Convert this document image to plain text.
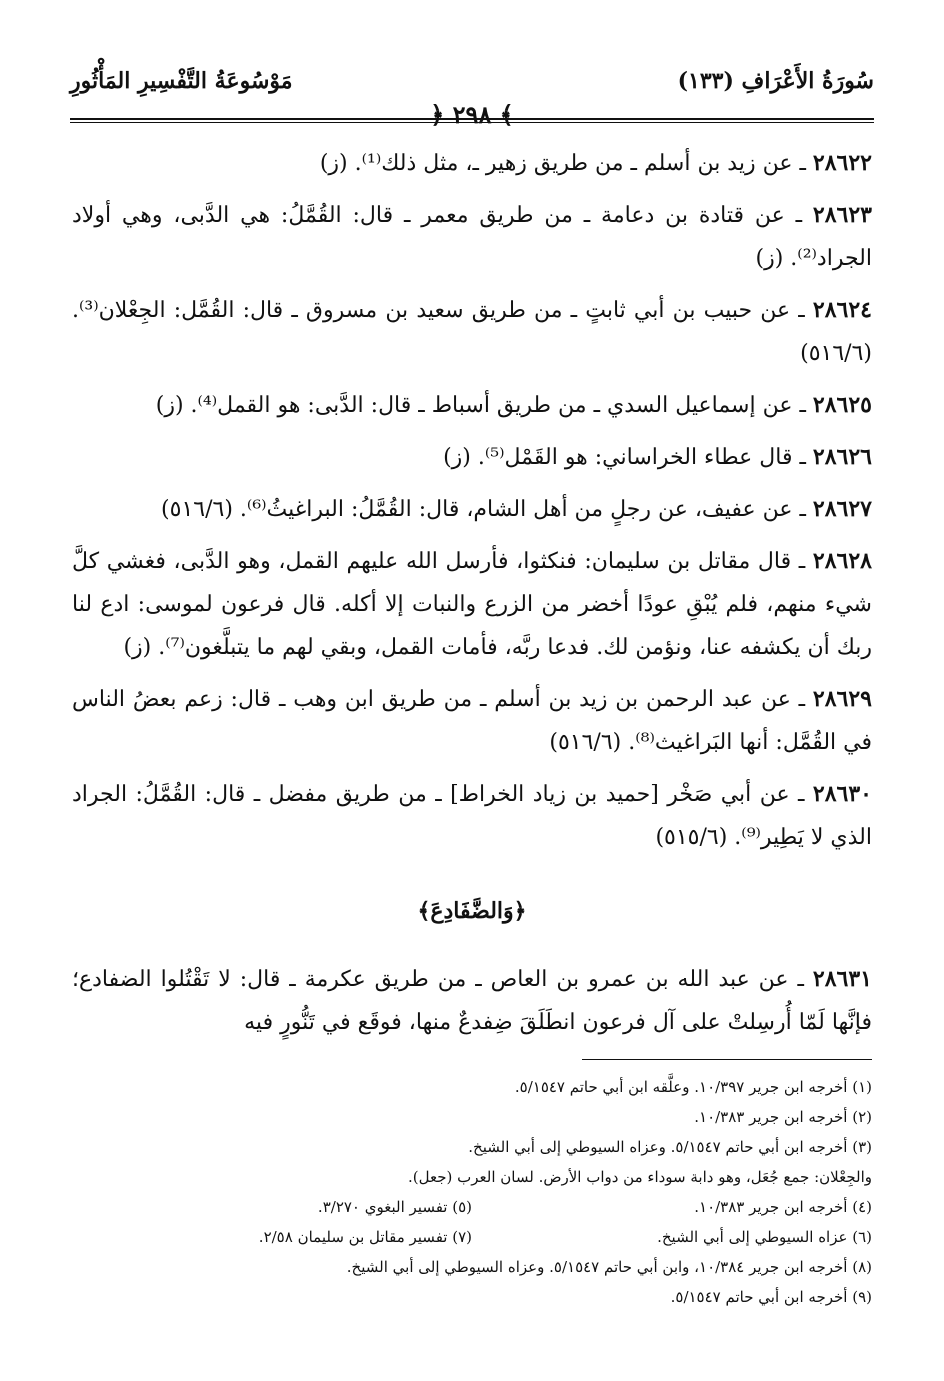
سُورَةُ الأَعْرَافِ (١٣٣)
مَوْسُوعَةُ التَّفْسِيرِ المَأْثُورِ
﴾ ٢٩٨ ﴿

٢٨٦٢٢ ـ عن زيد بن أسلم ـ من طريق زهير ـ، مثل ذلك⁽¹⁾. (ز)

٢٨٦٢٣ ـ عن قتادة بن دعامة ـ من طريق معمر ـ قال: القُمَّلُ: هي الدَّبى، وهي أولاد الجراد⁽²⁾. (ز)

٢٨٦٢٤ ـ عن حبيب بن أبي ثابتٍ ـ من طريق سعيد بن مسروق ـ قال: القُمَّل: الجِعْلان⁽³⁾. (٥١٦/٦)

٢٨٦٢٥ ـ عن إسماعيل السدي ـ من طريق أسباط ـ قال: الدَّبى: هو القمل⁽⁴⁾. (ز)

٢٨٦٢٦ ـ قال عطاء الخراساني: هو القَمْل⁽⁵⁾. (ز)

٢٨٦٢٧ ـ عن عفيف، عن رجلٍ من أهل الشام، قال: القُمَّلُ: البراغيثُ⁽⁶⁾. (٥١٦/٦)

٢٨٦٢٨ ـ قال مقاتل بن سليمان: فنكثوا، فأرسل الله عليهم القمل، وهو الدَّبى، فغشي كلَّ شيء منهم، فلم يُبْقِ عودًا أخضر من الزرع والنبات إلا أكله. قال فرعون لموسى: ادع لنا ربك أن يكشفه عنا، ونؤمن لك. فدعا ربَّه، فأمات القمل، وبقي لهم ما يتبلَّغون⁽⁷⁾. (ز)

٢٨٦٢٩ ـ عن عبد الرحمن بن زيد بن أسلم ـ من طريق ابن وهب ـ قال: زعم بعضُ الناس في القُمَّل: أنها البَراغيث⁽⁸⁾. (٥١٦/٦)

٢٨٦٣٠ ـ عن أبي صَخْر [حميد بن زياد الخراط] ـ من طريق مفضل ـ قال: القُمَّلُ: الجراد الذي لا يَطِير⁽⁹⁾. (٥١٥/٦)

﴿وَالضَّفَادِعَ﴾

٢٨٦٣١ ـ عن عبد الله بن عمرو بن العاص ـ من طريق عكرمة ـ قال: لا تَقْتُلوا الضفادع؛ فإنَّها لَمّا أُرسِلتْ على آل فرعون انطَلَقَ ضِفدعٌ منها، فوقَع في تَنُّورٍ فيه

(١) أخرجه ابن جرير ١٠/٣٩٧. وعلَّقه ابن أبي حاتم ٥/١٥٤٧.
(٢) أخرجه ابن جرير ١٠/٣٨٣.
(٣) أخرجه ابن أبي حاتم ٥/١٥٤٧. وعزاه السيوطي إلى أبي الشيخ.
والجِعْلان: جمع جُعَل، وهو دابة سوداء من دواب الأرض. لسان العرب (جعل).
(٤) أخرجه ابن جرير ١٠/٣٨٣.
(٥) تفسير البغوي ٣/٢٧٠.
(٦) عزاه السيوطي إلى أبي الشيخ.
(٧) تفسير مقاتل بن سليمان ٢/٥٨.
(٨) أخرجه ابن جرير ١٠/٣٨٤، وابن أبي حاتم ٥/١٥٤٧. وعزاه السيوطي إلى أبي الشيخ.
(٩) أخرجه ابن أبي حاتم ٥/١٥٤٧.
